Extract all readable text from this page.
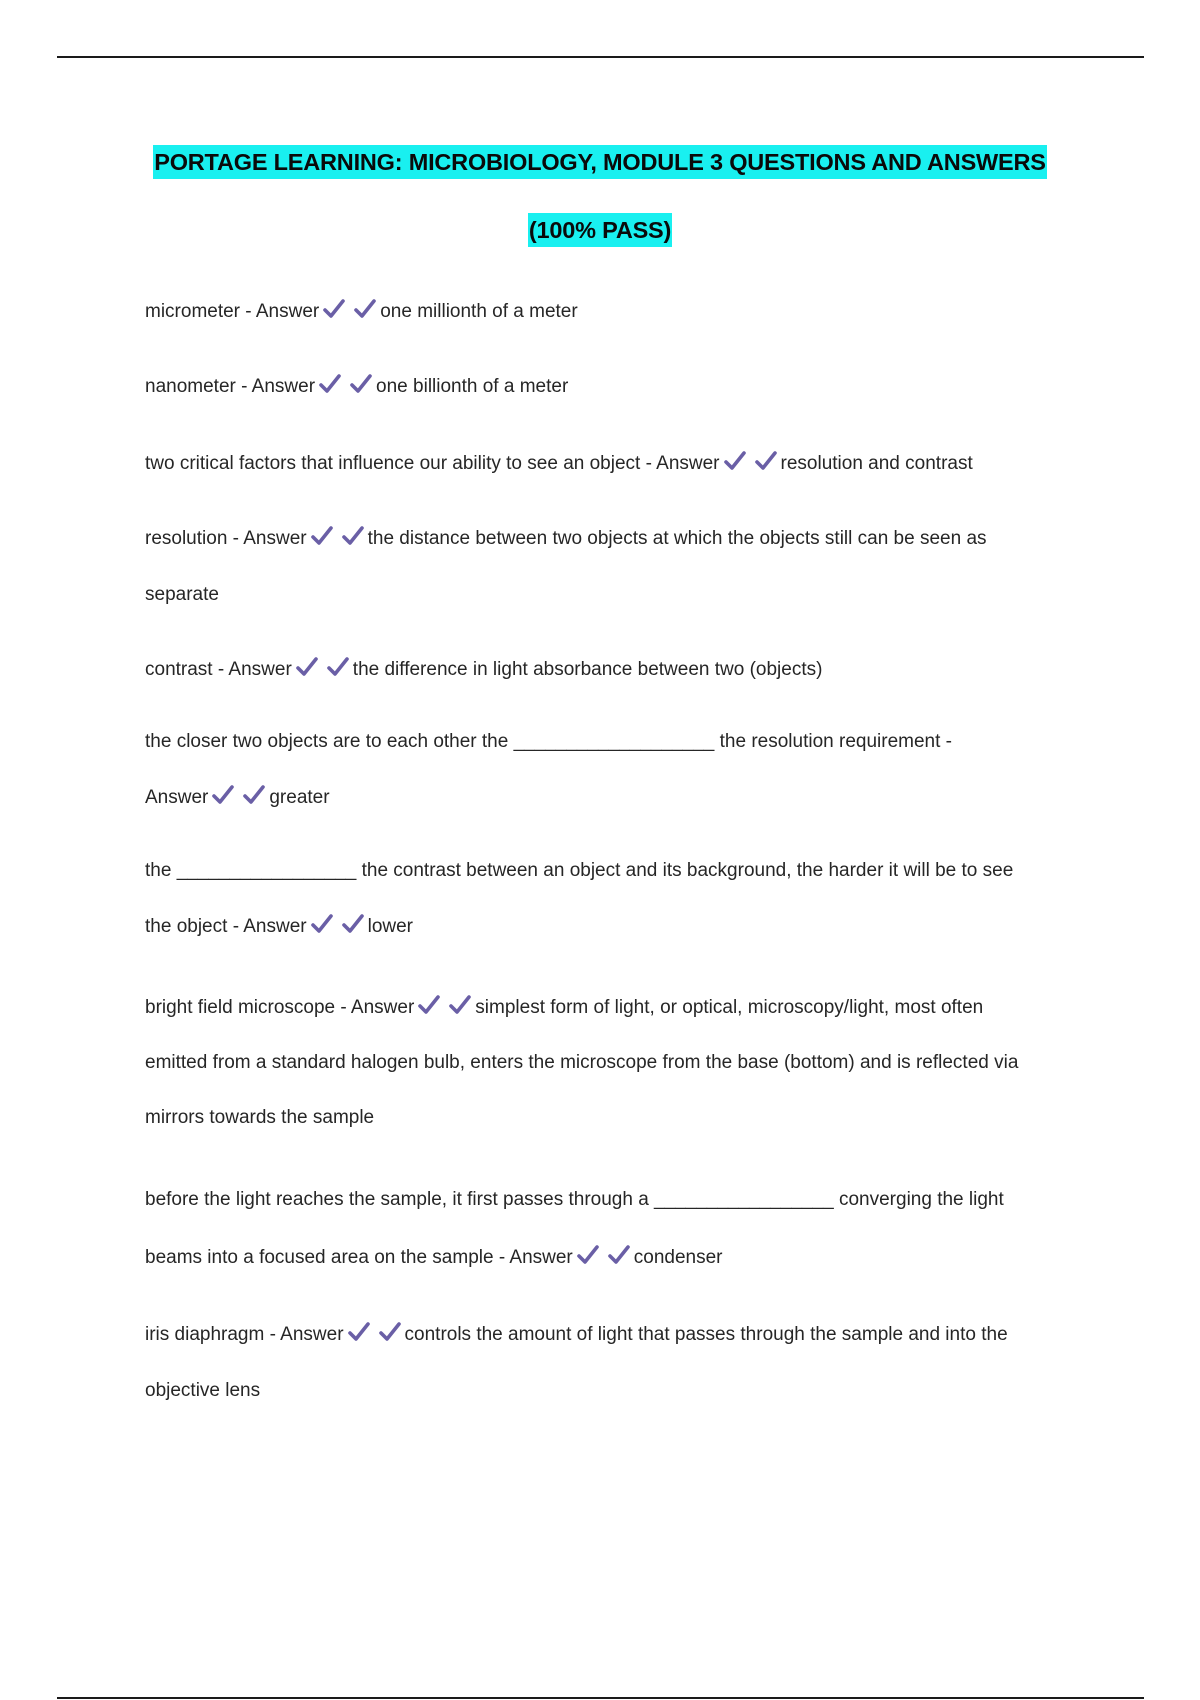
PORTAGE LEARNING: MICROBIOLOGY, MODULE 3 QUESTIONS AND ANSWERS
(100% PASS)
micrometer - Answer	one millionth of a meter
nanometer - Answer	one billionth of a meter
two critical factors that influence our ability to see an object - Answer	resolution and contrast
resolution - Answer	the distance between two objects at which the objects still can be seen as
separate
contrast - Answer	the difference in light absorbance between two (objects)
the closer two objects are to each other the ___________________ the resolution requirement -
Answer	greater
the _________________ the contrast between an object and its background, the harder it will be to see
the object - Answer	lower
bright field microscope - Answer	simplest form of light, or optical, microscopy/light, most often
emitted from a standard halogen bulb, enters the microscope from the base (bottom) and is reflected via
mirrors towards the sample
before the light reaches the sample, it first passes through a _________________ converging the light
beams into a focused area on the sample - Answer	condenser
iris diaphragm - Answer	controls the amount of light that passes through the sample and into the
objective lens
